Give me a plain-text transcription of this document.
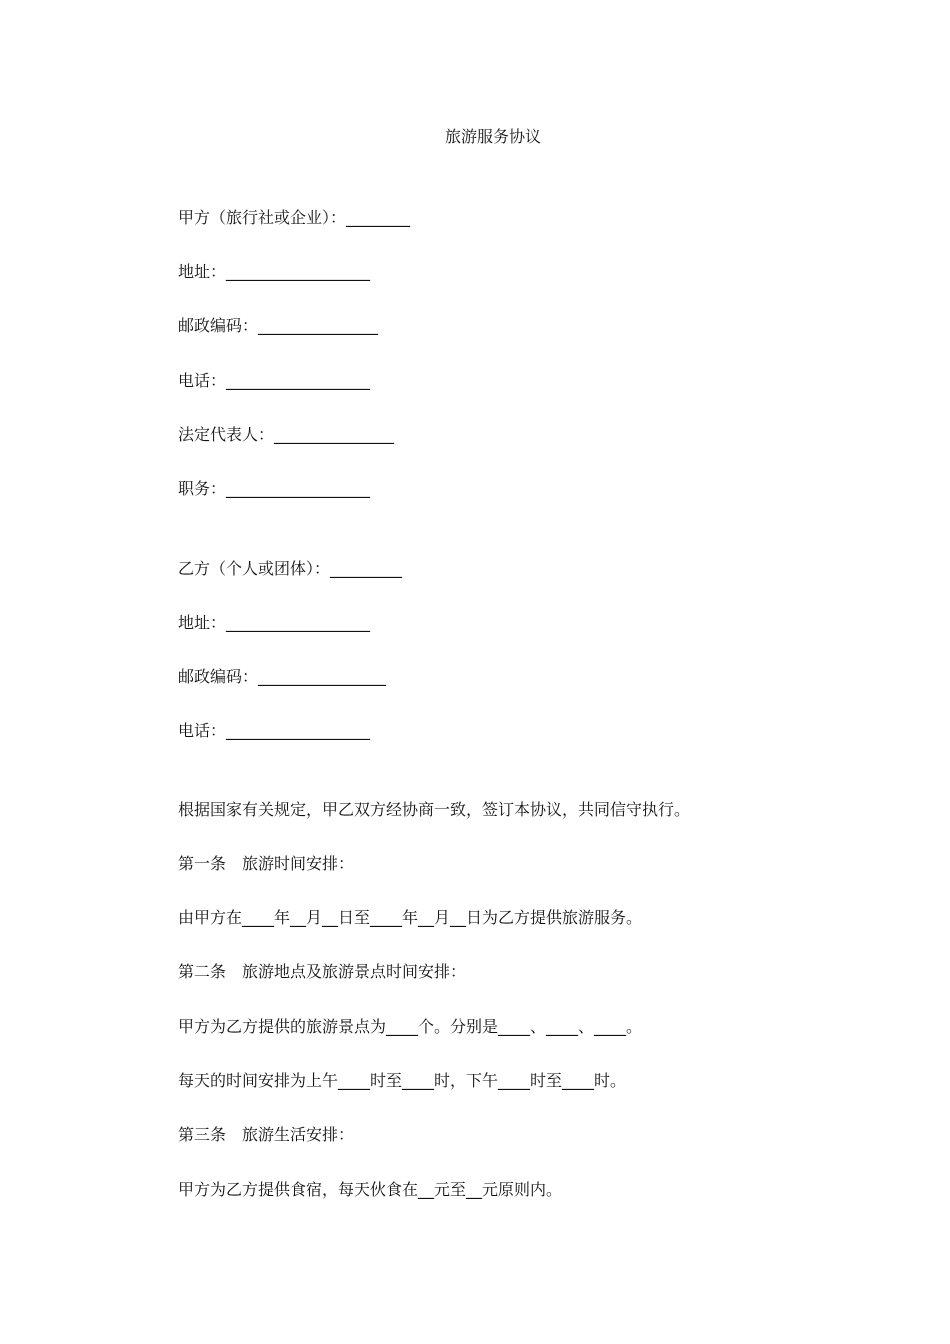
旅游服务协议
甲方（旅行社或企业）：________
地址：__________________
邮政编码：_______________
电话：__________________
法定代表人：_______________
职务：__________________
乙方（个人或团体）：_________
地址：__________________
邮政编码：________________
电话：__________________
根据国家有关规定，甲乙双方经协商一致，签订本协议，共同信守执行。
第一条　旅游时间安排：
由甲方在____年__月__日至____年__月__日为乙方提供旅游服务。
第二条　旅游地点及旅游景点时间安排：
甲方为乙方提供的旅游景点为____个。分别是____、____、____。
每天的时间安排为上午____时至____时，下午____时至____时。
第三条　旅游生活安排：
甲方为乙方提供食宿，每天伙食在__元至__元原则内。
